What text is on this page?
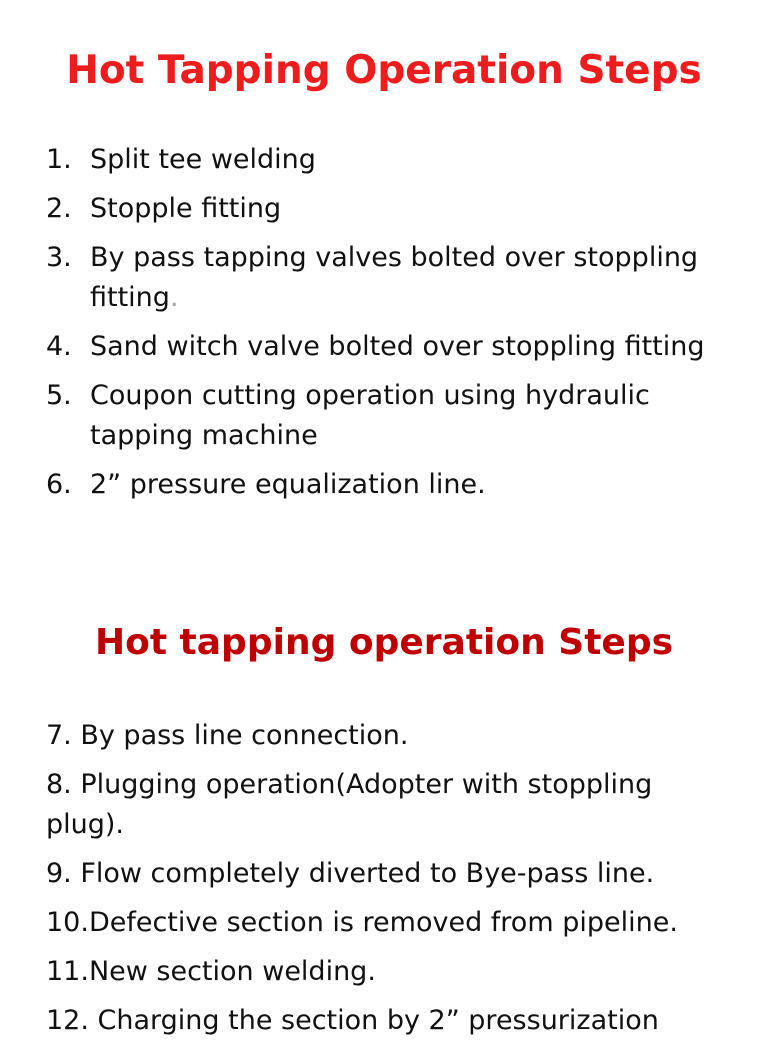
Hot Tapping Operation Steps
1. Split tee welding
2. Stopple fitting
3. By pass tapping valves bolted over stoppling fitting.
4. Sand witch valve bolted over stoppling fitting
5. Coupon cutting operation using hydraulic tapping machine
6. 2” pressure equalization line.
Hot tapping operation Steps
7. By pass line connection.
8. Plugging operation(Adopter with stoppling plug).
9. Flow completely diverted to Bye-pass line.
10.Defective section is removed from pipeline.
11.New section welding.
12. Charging the section by 2” pressurization
